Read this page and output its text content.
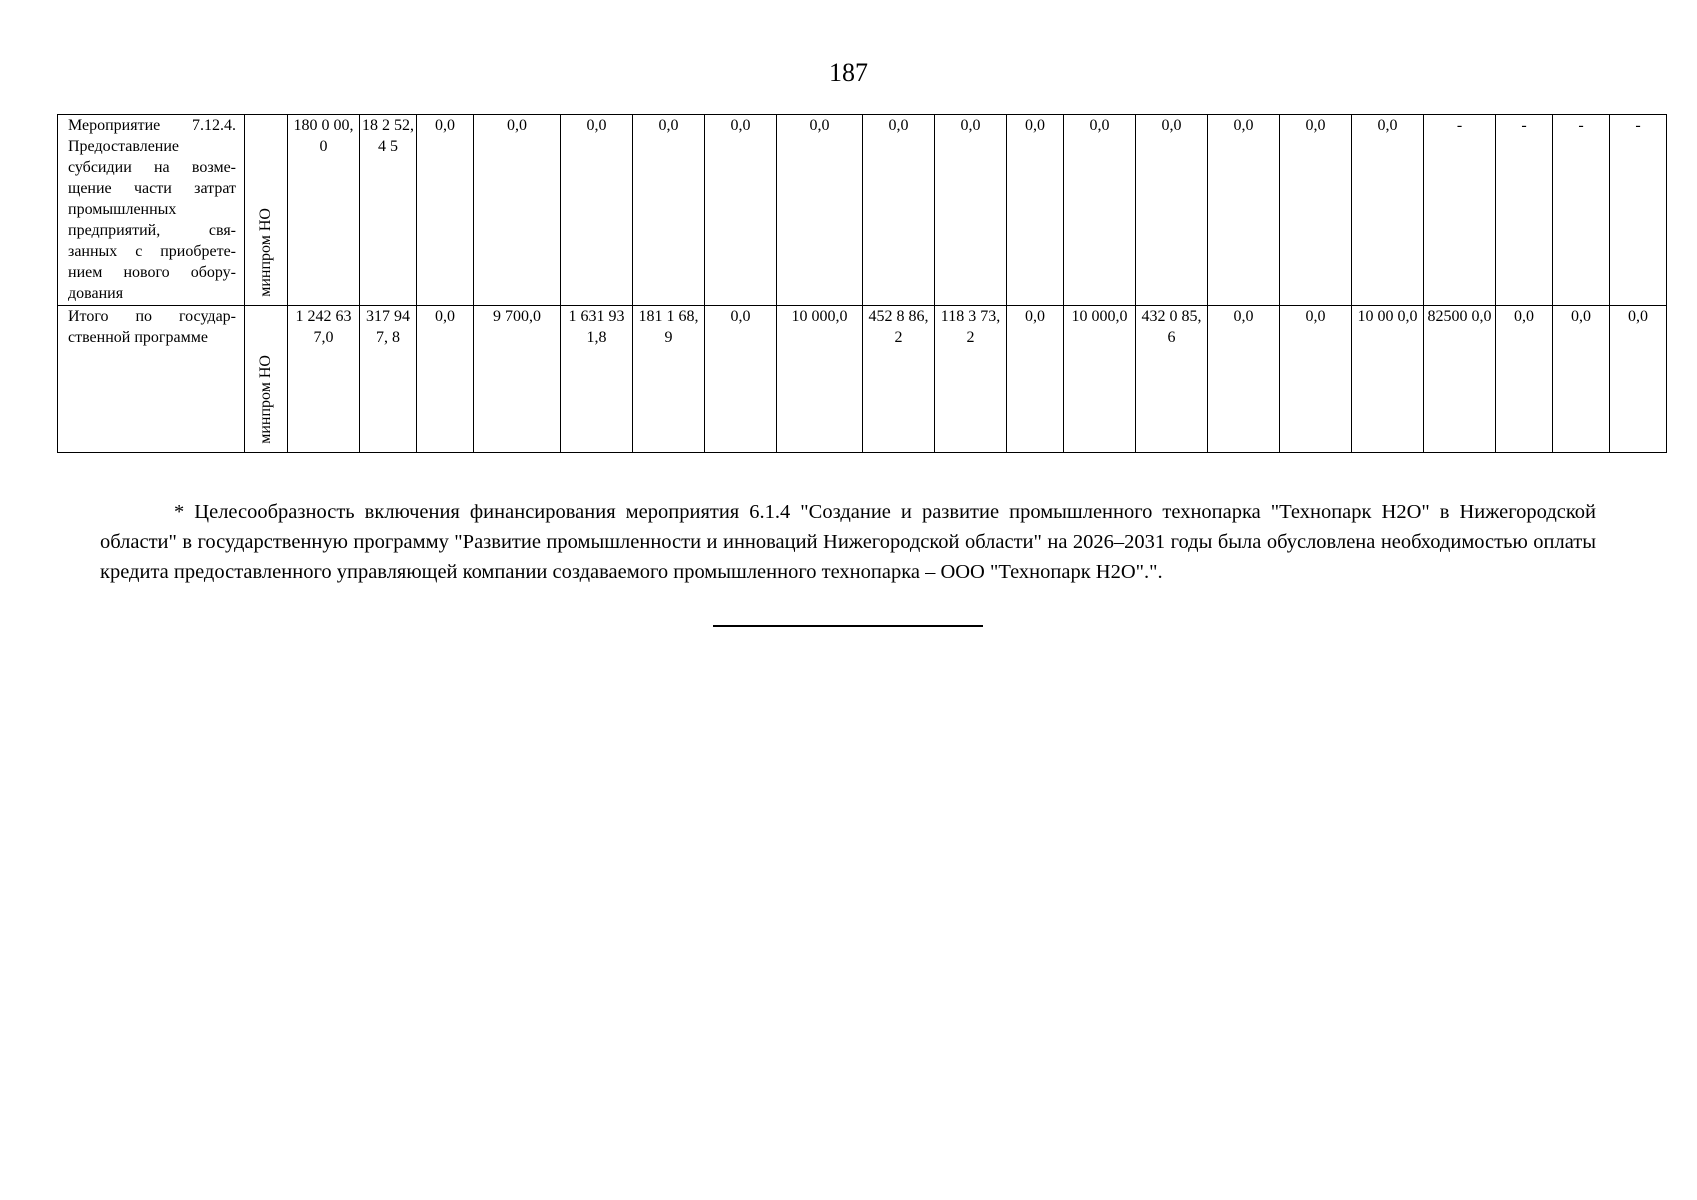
187
Мероприятие 7.12.4. Предоставление субсидии на возме-щение части затрат промышленных предприятий, свя-занных с приобрете-нием нового обору-дования	минпром НО	180 0 00,0	18 2 52,4 5	0,0	0,0	0,0	0,0	0,0	0,0	0,0	0,0	0,0	0,0	0,0	0,0	0,0	0,0	-	-	-	-
Итого по государ-ственной программе	минпром НО	1 242 637,0	317 947, 8	0,0	9 700,0	1 631 931,8	181 1 68,9	0,0	10 000,0	452 8 86,2	118 3 73,2	0,0	10 000,0	432 0 85,6	0,0	0,0	10 00 0,0	82500 0,0	0,0	0,0	0,0

* Целесообразность включения финансирования мероприятия 6.1.4 "Создание и развитие промышленного технопарка "Технопарк Н2О" в Нижегородской области" в государственную программу "Развитие промышленности и инноваций Нижегородской области" на 2026–2031 годы была обусловлена необходимостью оплаты кредита предоставленного управляющей компании создаваемого промышленного технопарка – ООО "Технопарк Н2О".".
